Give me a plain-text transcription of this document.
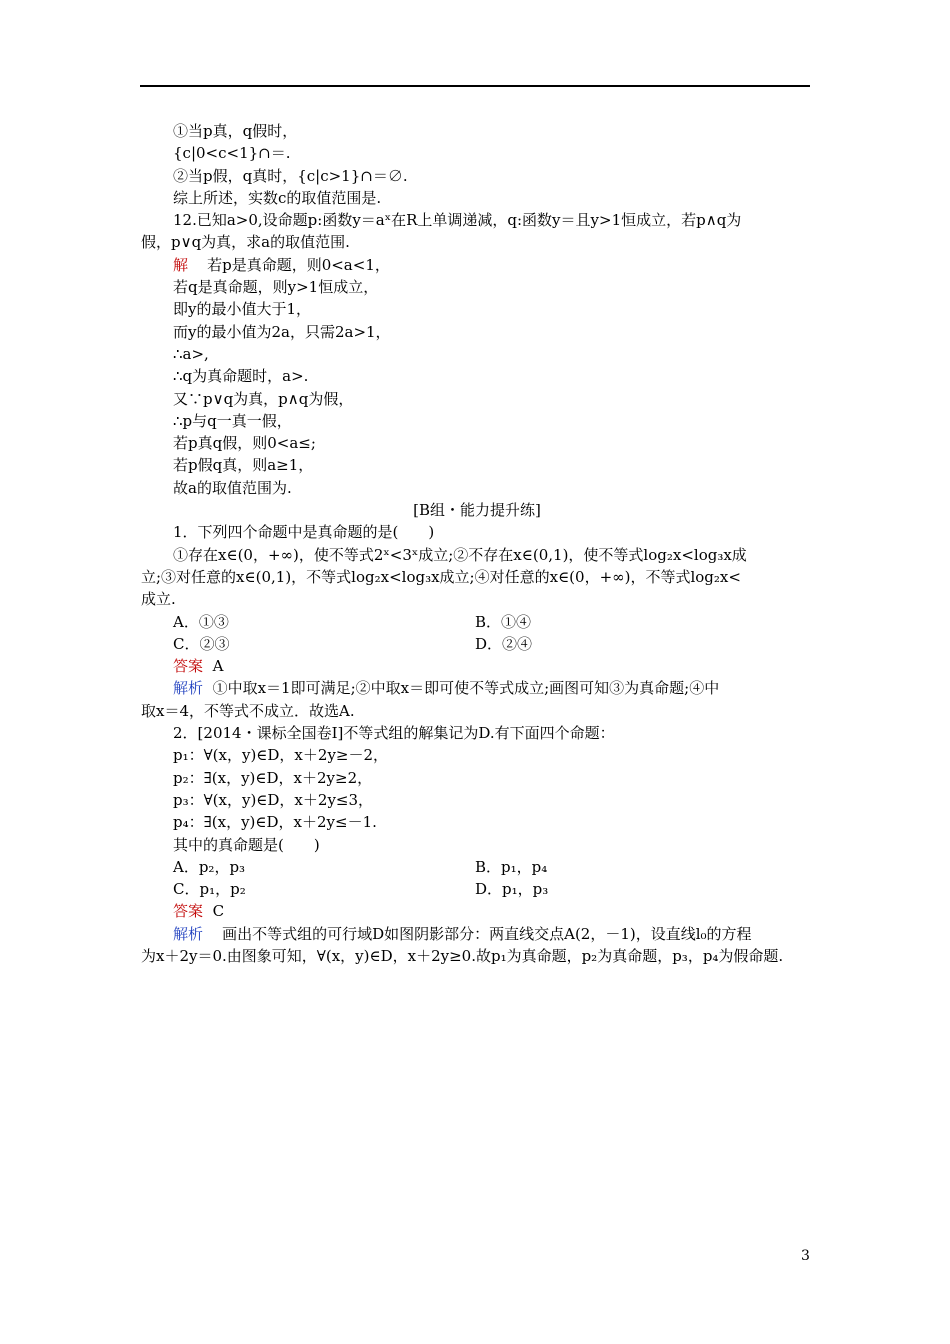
①当p真，q假时，
{c|0<c<1}∩＝.
②当p假，q真时，{c|c>1}∩＝∅.
综上所述，实数c的取值范围是.
12.已知a>0,设命题p:函数y＝aˣ在R上单调递减，q:函数y＝且y>1恒成立，若p∧q为
假，p∨q为真，求a的取值范围.
解 若p是真命题，则0<a<1，
若q是真命题，则y>1恒成立，
即y的最小值大于1，
而y的最小值为2a，只需2a>1，
∴a>,
∴q为真命题时，a>.
又∵p∨q为真，p∧q为假，
∴p与q一真一假，
若p真q假，则0<a≤;
若p假q真，则a≥1，
故a的取值范围为.
[B组・能力提升练]
1．下列四个命题中是真命题的是(　　)
①存在x∈(0，+∞)，使不等式2ˣ<3ˣ成立;②不存在x∈(0,1)，使不等式log₂x<log₃x成
立;③对任意的x∈(0,1)，不等式log₂x<log₃x成立;④对任意的x∈(0，+∞)，不等式log₂x<
成立.
A．①③	B．①④
C．②③	D．②④
答案 A
解析 ①中取x＝1即可满足;②中取x＝即可使不等式成立;画图可知③为真命题;④中
取x＝4，不等式不成立．故选A.
2．[2014・课标全国卷Ⅰ]不等式组的解集记为D.有下面四个命题：
p₁：∀(x，y)∈D，x＋2y≥－2，
p₂：∃(x，y)∈D，x＋2y≥2，
p₃：∀(x，y)∈D，x＋2y≤3，
p₄：∃(x，y)∈D，x＋2y≤－1.
其中的真命题是(　　)
A．p₂，p₃	B．p₁，p₄
C．p₁，p₂	D．p₁，p₃
答案 C
解析 画出不等式组的可行域D如图阴影部分：两直线交点A(2，－1)，设直线l₀的方程
为x＋2y＝0.由图象可知，∀(x，y)∈D，x＋2y≥0.故p₁为真命题，p₂为真命题，p₃，p₄为假命题.
3
